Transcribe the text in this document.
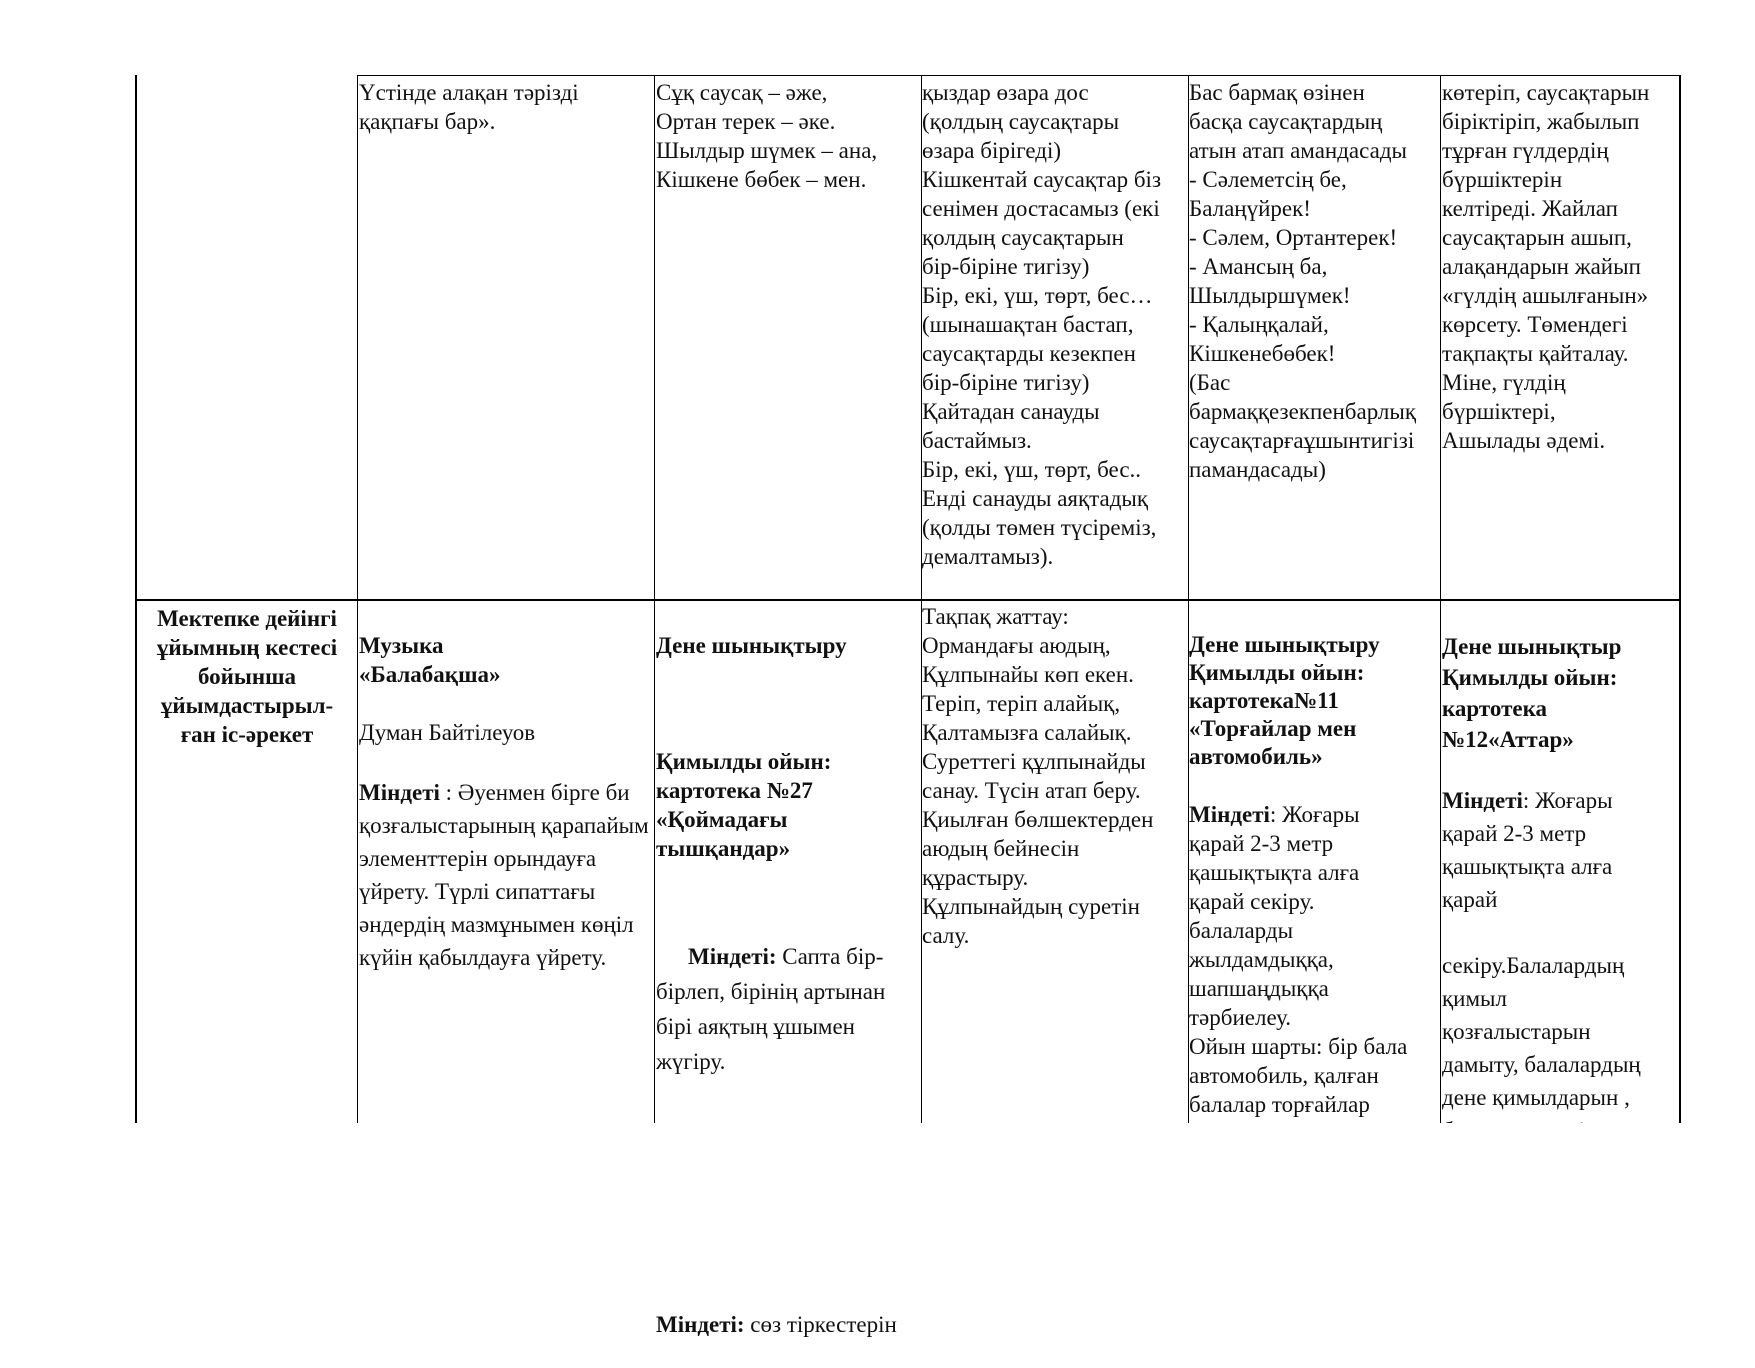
Үстінде алақан тәрізді
қақпағы бар».
Сұқ саусақ – әже,
Ортан терек – әке.
Шылдыр шүмек – ана,
Кішкене бөбек – мен.
қыздар өзара дос
(қолдың саусақтары
өзара бірігеді)
Кішкентай саусақтар біз
сенімен достасамыз (екі
қолдың саусақтарын
бір-біріне тигізу)
Бір, екі, үш, төрт, бес…
(шынашақтан бастап,
саусақтарды кезекпен
бір-біріне тигізу)
Қайтадан санауды
бастаймыз.
Бір, екі, үш, төрт, бес..
Енді санауды аяқтадық
(қолды төмен түсіреміз,
демалтамыз).
Бас бармақ өзінен
басқа саусақтардың
атын атап амандасады
- Сәлеметсің бе,
Балаңүйрек!
- Сәлем, Ортантерек!
- Амансың ба,
Шылдыршүмек!
- Қалыңқалай,
Кішкенебөбек!
(Бас
бармаққезекпенбарлық
саусақтарғаұшынтигізі
памандасады)
көтеріп, саусақтарын
біріктіріп, жабылып
тұрған гүлдердің
бүршіктерін
келтіреді. Жайлап
саусақтарын ашып,
алақандарын жайып
«гүлдің ашылғанын»
көрсету. Төмендегі
тақпақты қайталау.
Міне, гүлдің
бүршіктері,
Ашылады әдемі.
Мектепке дейінгі
ұйымның кестесі
бойынша
ұйымдастырыл-
ған іс-әрекет

Музыка
«Балабақша»

Думан Байтілеуов

Міндеті : Әуенмен бірге би қозғалыстарының қарапайым элементтерін орындауға үйрету. Түрлі сипаттағы әндердің мазмұнымен көңіл күйін қабылдауға үйрету.

Дене шынықтыру

Қимылды ойын:
картотека №27
«Қоймадағы
тышқандар»

Міндеті: Сапта бір-бірлеп, бірінің артынан бірі аяқтың ұшымен жүгіру.

Міндеті: сөз тіркестерін

Тақпақ жаттау:
Ормандағы аюдың,
Құлпынайы көп екен.
Теріп, теріп алайық,
Қалтамызға салайық.
Суреттегі құлпынайды
санау. Түсін атап беру.
Қиылған бөлшектерден
аюдың бейнесін
құрастыру.
Құлпынайдың суретін
салу.

Дене шынықтыру
Қимылды ойын:
картотека№11
«Торғайлар мен
автомобиль»

Міндеті: Жоғары
қарай 2-3 метр
қашықтықта алға
қарай секіру.
балаларды
жылдамдыққа,
шапшаңдыққа
тәрбиелеу.
Ойын шарты: бір бала
автомобиль, қалған
балалар торғайлар

Дене шынықтыр
Қимылды ойын:
картотека
№12«Аттар»

Міндеті: Жоғары
қарай 2-3 метр
қашықтықта алға
қарай

секіру.Балалардың
қимыл
қозғалыстарын
дамыту, балалардың
дене қимылдарын ,
